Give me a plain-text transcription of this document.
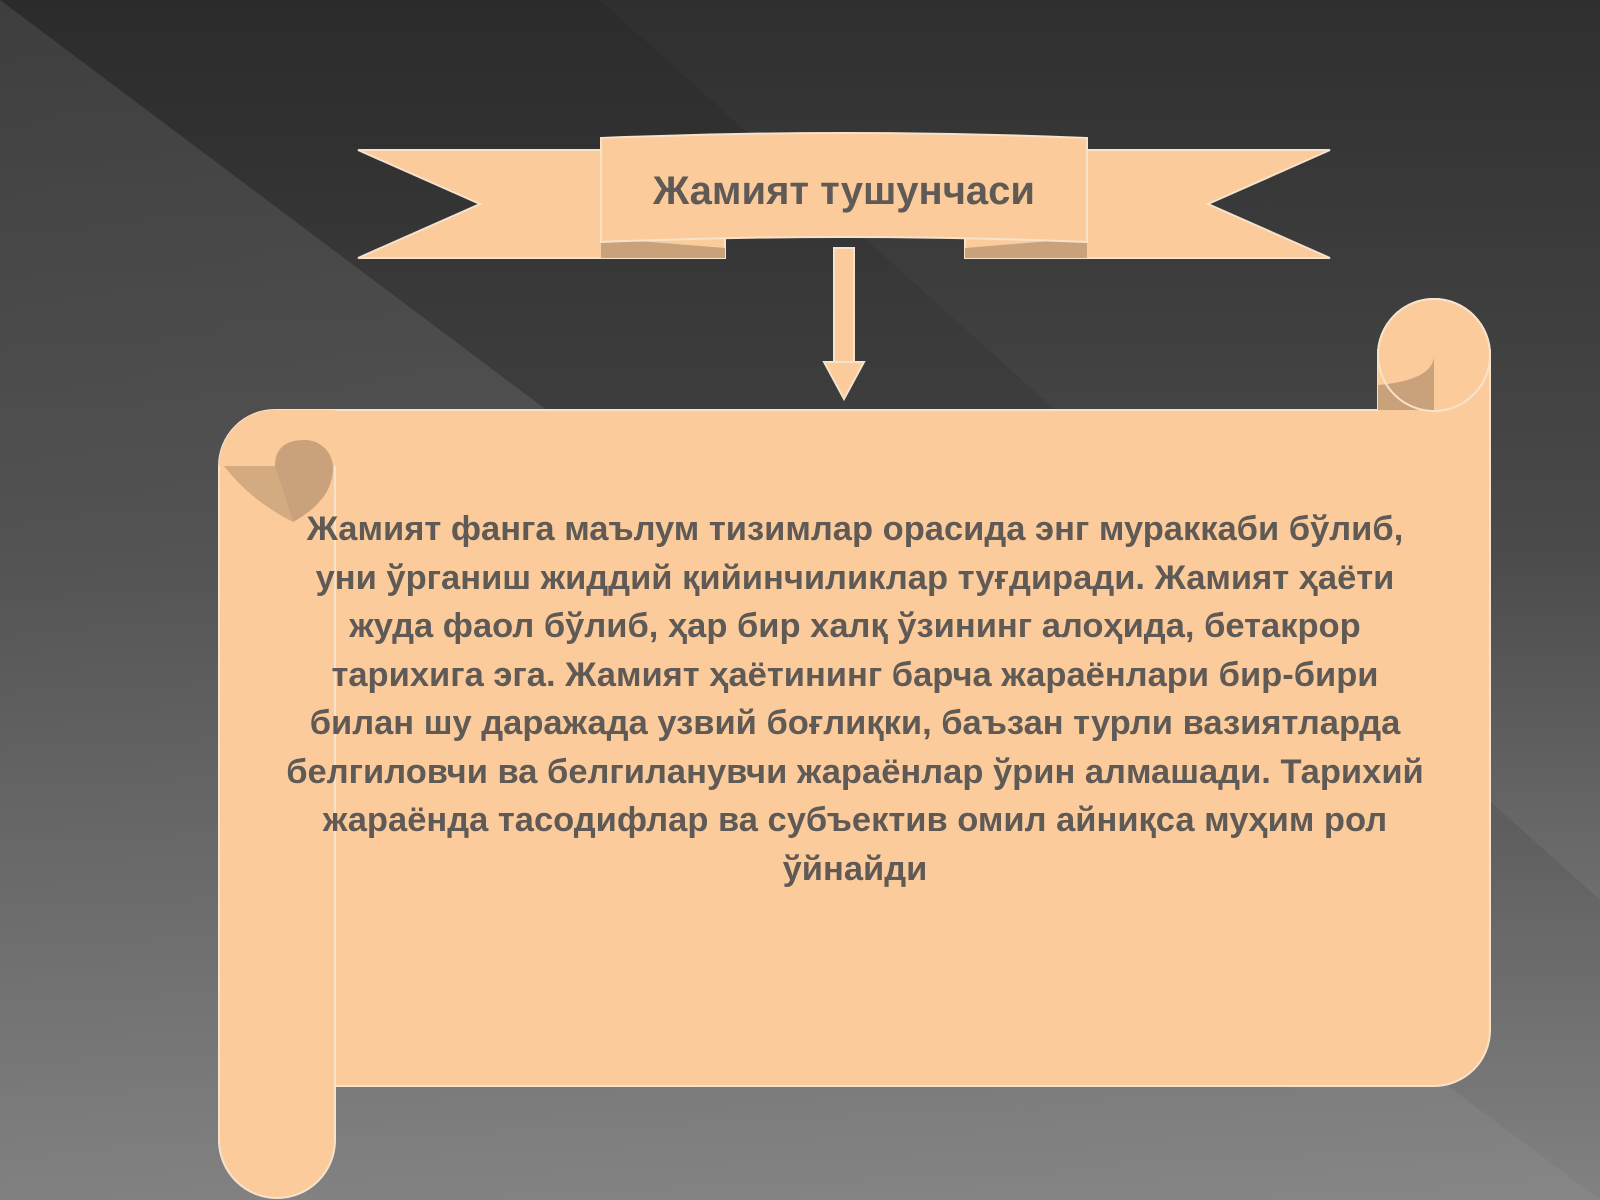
Жамият тушунчаси

Жамият фанга маълум тизимлар орасида энг мураккаби бўлиб, уни ўрганиш жиддий қийинчиликлар туғдиради. Жамият ҳаёти жуда фаол бўлиб, ҳар бир халқ ўзининг алоҳида, бетакрор тарихига эга. Жамият ҳаётининг барча жараёнлари бир-бири билан шу даражада узвий боғлиқки, баъзан турли вазиятларда белгиловчи ва белгиланувчи жараёнлар ўрин алмашади. Тарихий жараёнда тасодифлар ва субъектив омил айниқса муҳим рол ўйнайди
